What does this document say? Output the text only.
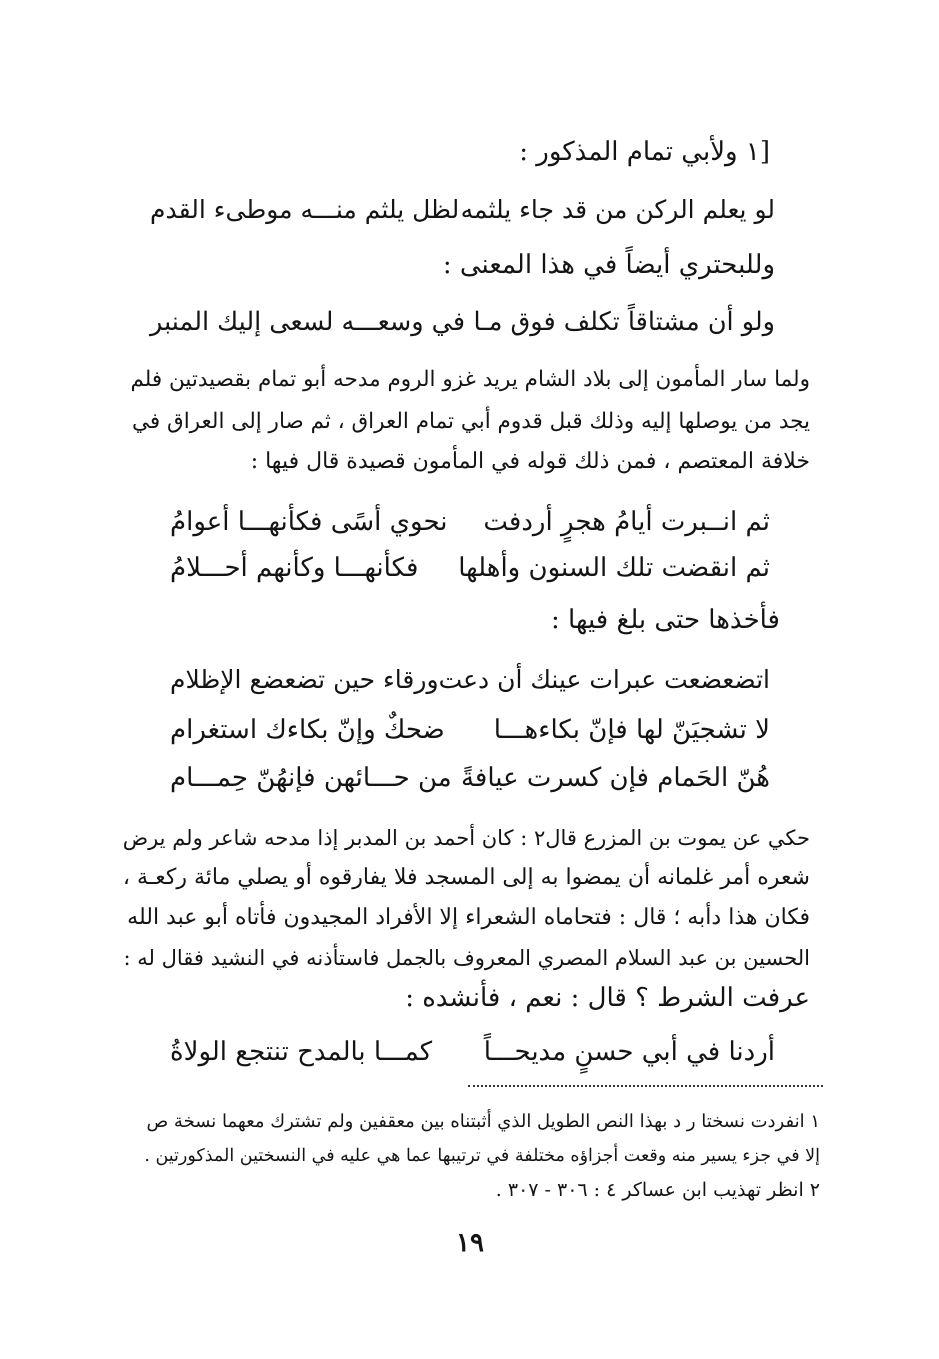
[١ ولأبي تمام المذكور :
لو يعلم الركن من قد جاء يلثمه
لظل يلثم منـــه موطىء القدم
وللبحتري أيضاً في هذا المعنى :
ولو أن مشتاقاً تكلف فوق مـا
في وسعـــه لسعى إليك المنبر
ولما سار المأمون إلى بلاد الشام يريد غزو الروم مدحه أبو تمام بقصيدتين فلم
يجد من يوصلها إليه وذلك قبل قدوم أبي تمام العراق ، ثم صار إلى العراق في
خلافة المعتصم ، فمن ذلك قوله في المأمون قصيدة قال فيها :
ثم انــبرت أيامُ هجرٍ أردفت
نحوي أسًى فكأنهـــا أعوامُ
ثم انقضت تلك السنون وأهلها
فكأنهـــا وكأنهم أحـــلامُ
فأخذها حتى بلغ فيها :
اتضعضعت عبرات عينك أن دعت
ورقاء حين تضعضع الإظلام
لا تشجيَنّ لها فإنّ بكاءهـــا
ضحكٌ وإنّ بكاءك استغرام
هُنّ الحَمام فإن كسرت عيافةً
من حـــائهن فإنهُنّ حِمـــام
حكي عن يموت بن المزرع قال٢ : كان أحمد بن المدبر إذا مدحه شاعر ولم يرض
شعره أمر غلمانه أن يمضوا به إلى المسجد فلا يفارقوه أو يصلي مائة ركعـة ،
فكان هذا دأبه ؛ قال : فتحاماه الشعراء إلا الأفراد المجيدون فأتاه أبو عبد الله
الحسين بن عبد السلام المصري المعروف بالجمل فاستأذنه في النشيد فقال له :
عرفت الشرط ؟ قال : نعم ، فأنشده :
أردنا في أبي حسنٍ مديحـــاً
كمـــا بالمدح تنتجع الولاةُ
١ انفردت نسختا ر د بهذا النص الطويل الذي أثبتناه بين معقفين ولم تشترك معهما نسخة ص
إلا في جزء يسير منه وقعت أجزاؤه مختلفة في ترتيبها عما هي عليه في النسختين المذكورتين .
٢ انظر تهذيب ابن عساكر ٤ : ٣٠٦ - ٣٠٧ .
١٩
